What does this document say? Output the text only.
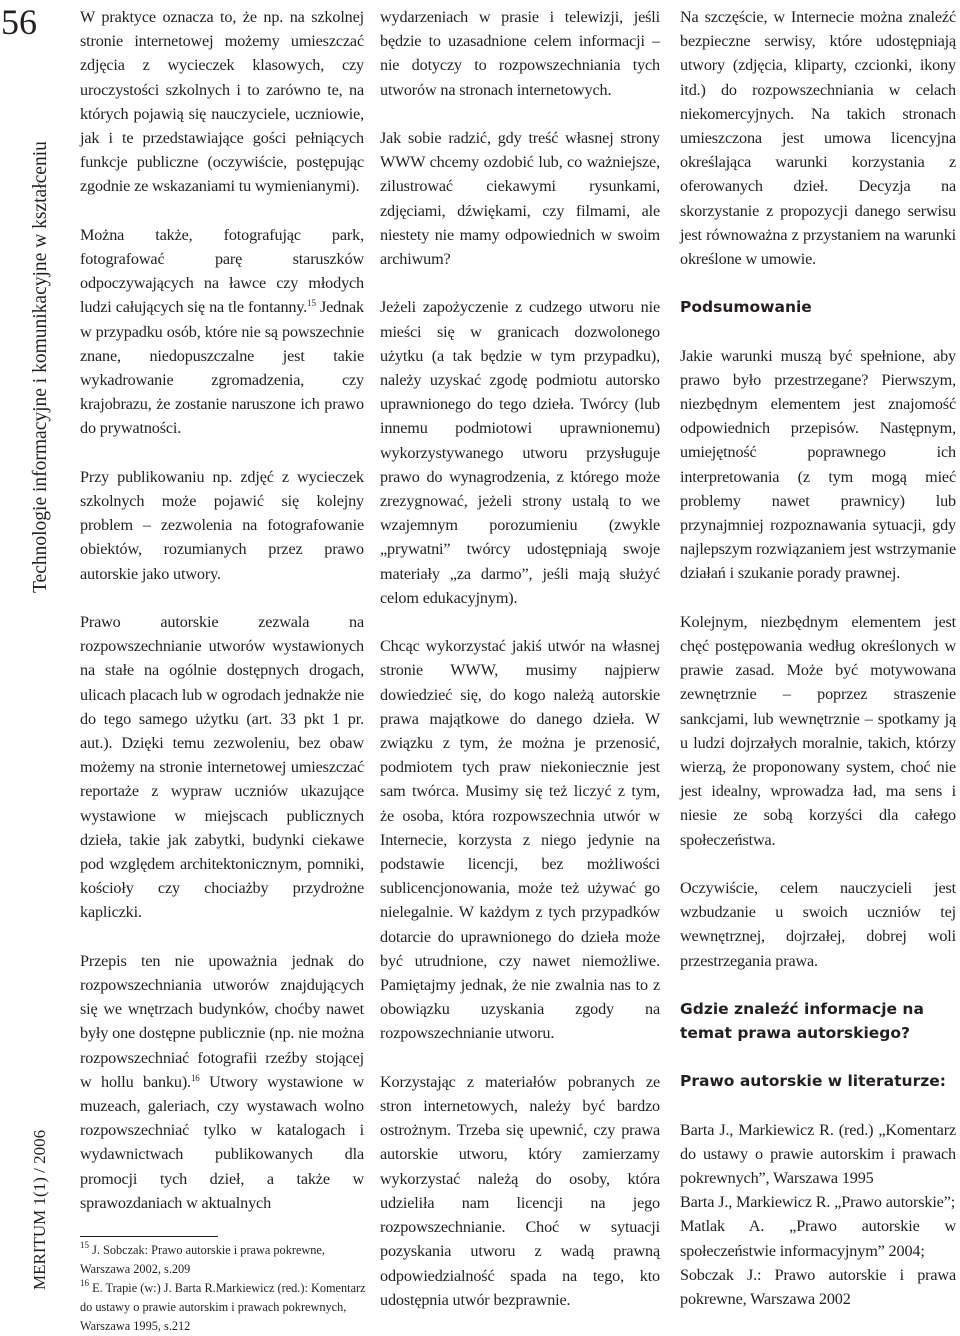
56
Technologie informacyjne i komunikacyjne w kształceniu
MERITUM 1(1) / 2006

W praktyce oznacza to, że np. na szkolnej stronie internetowej możemy umieszczać zdjęcia z wycieczek klasowych, czy uroczystości szkolnych i to zarówno te, na których pojawią się nauczyciele, uczniowie, jak i te przedstawiające gości pełniących funkcje publiczne (oczywiście, postępując zgodnie ze wskazaniami tu wymienianymi).

Można także, fotografując park, fotografować parę staruszków odpoczywających na ławce czy młodych ludzi całujących się na tle fontanny.$^{15}$ Jednak w przypadku osób, które nie są powszechnie znane, niedopuszczalne jest takie wykadrowanie zgromadzenia, czy krajobrazu, że zostanie naruszone ich prawo do prywatności.

Przy publikowaniu np. zdjęć z wycieczek szkolnych może pojawić się kolejny problem – zezwolenia na fotografowanie obiektów, rozumianych przez prawo autorskie jako utwory.

Prawo autorskie zezwala na rozpowszechnianie utworów wystawionych na stałe na ogólnie dostępnych drogach, ulicach placach lub w ogrodach jednakże nie do tego samego użytku (art. 33 pkt 1 pr. aut.). Dzięki temu zezwoleniu, bez obaw możemy na stronie internetowej umieszczać reportaże z wypraw uczniów ukazujące wystawione w miejscach publicznych dzieła, takie jak zabytki, budynki ciekawe pod względem architektonicznym, pomniki, kościoły czy chociażby przydrożne kapliczki.

Przepis ten nie upoważnia jednak do rozpowszechniania utworów znajdujących się we wnętrzach budynków, choćby nawet były one dostępne publicznie (np. nie można rozpowszechniać fotografii rzeźby stojącej w hollu banku).$^{16}$ Utwory wystawione w muzeach, galeriach, czy wystawach wolno rozpowszechniać tylko w katalogach i wydawnictwach publikowanych dla promocji tych dzieł, a także w sprawozdaniach w aktualnych

$^{15}$ J. Sobczak: Prawo autorskie i prawa pokrewne, Warszawa 2002, s.209

$^{16}$ E. Trapie (w:) J. Barta R.Markiewicz (red.): Komentarz do ustawy o prawie autorskim i prawach pokrewnych, Warszawa 1995, s.212

wydarzeniach w prasie i telewizji, jeśli będzie to uzasadnione celem informacji – nie dotyczy to rozpowszechniania tych utworów na stronach internetowych.

Jak sobie radzić, gdy treść własnej strony WWW chcemy ozdobić lub, co ważniejsze, zilustrować ciekawymi rysunkami, zdjęciami, dźwiękami, czy filmami, ale niestety nie mamy odpowiednich w swoim archiwum?

Jeżeli zapożyczenie z cudzego utworu nie mieści się w granicach dozwolonego użytku (a tak będzie w tym przypadku), należy uzyskać zgodę podmiotu autorsko uprawnionego do tego dzieła. Twórcy (lub innemu podmiotowi uprawnionemu) wykorzystywanego utworu przysługuje prawo do wynagrodzenia, z którego może zrezygnować, jeżeli strony ustalą to we wzajemnym porozumieniu (zwykle „prywatni” twórcy udostępniają swoje materiały „za darmo”, jeśli mają służyć celom edukacyjnym).

Chcąc wykorzystać jakiś utwór na własnej stronie WWW, musimy najpierw dowiedzieć się, do kogo należą autorskie prawa majątkowe do danego dzieła. W związku z tym, że można je przenosić, podmiotem tych praw niekoniecznie jest sam twórca. Musimy się też liczyć z tym, że osoba, która rozpowszechnia utwór w Internecie, korzysta z niego jedynie na podstawie licencji, bez możliwości sublicencjonowania, może też używać go nielegalnie. W każdym z tych przypadków dotarcie do uprawnionego do dzieła może być utrudnione, czy nawet niemożliwe. Pamiętajmy jednak, że nie zwalnia nas to z obowiązku uzyskania zgody na rozpowszechnianie utworu.

Korzystając z materiałów pobranych ze stron internetowych, należy być bardzo ostrożnym. Trzeba się upewnić, czy prawa autorskie utworu, który zamierzamy wykorzystać należą do osoby, która udzieliła nam licencji na jego rozpowszechnianie. Choć w sytuacji pozyskania utworu z wadą prawną odpowiedzialność spada na tego, kto udostępnia utwór bezprawnie.

Na szczęście, w Internecie można znaleźć bezpieczne serwisy, które udostępniają utwory (zdjęcia, kliparty, czcionki, ikony itd.) do rozpowszechniania w celach niekomercyjnych. Na takich stronach umieszczona jest umowa licencyjna określająca warunki korzystania z oferowanych dzieł. Decyzja na skorzystanie z propozycji danego serwisu jest równoważna z przystaniem na warunki określone w umowie.

Podsumowanie

Jakie warunki muszą być spełnione, aby prawo było przestrzegane? Pierwszym, niezbędnym elementem jest znajomość odpowiednich przepisów. Następnym, umiejętność poprawnego ich interpretowania (z tym mogą mieć problemy nawet prawnicy) lub przynajmniej rozpoznawania sytuacji, gdy najlepszym rozwiązaniem jest wstrzymanie działań i szukanie porady prawnej.

Kolejnym, niezbędnym elementem jest chęć postępowania według określonych w prawie zasad. Może być motywowana zewnętrznie – poprzez straszenie sankcjami, lub wewnętrznie – spotkamy ją u ludzi dojrzałych moralnie, takich, którzy wierzą, że proponowany system, choć nie jest idealny, wprowadza ład, ma sens i niesie ze sobą korzyści dla całego społeczeństwa.

Oczywiście, celem nauczycieli jest wzbudzanie u swoich uczniów tej wewnętrznej, dojrzałej, dobrej woli przestrzegania prawa.

Gdzie znaleźć informacje na temat prawa autorskiego?
Prawo autorskie w literaturze:

Barta J., Markiewicz R. (red.) „Komentarz do ustawy o prawie autorskim i prawach pokrewnych”, Warszawa 1995

Barta J., Markiewicz R. „Prawo autorskie”;

Matlak A. „Prawo autorskie w społeczeństwie informacyjnym” 2004;

Sobczak J.: Prawo autorskie i prawa pokrewne, Warszawa 2002
